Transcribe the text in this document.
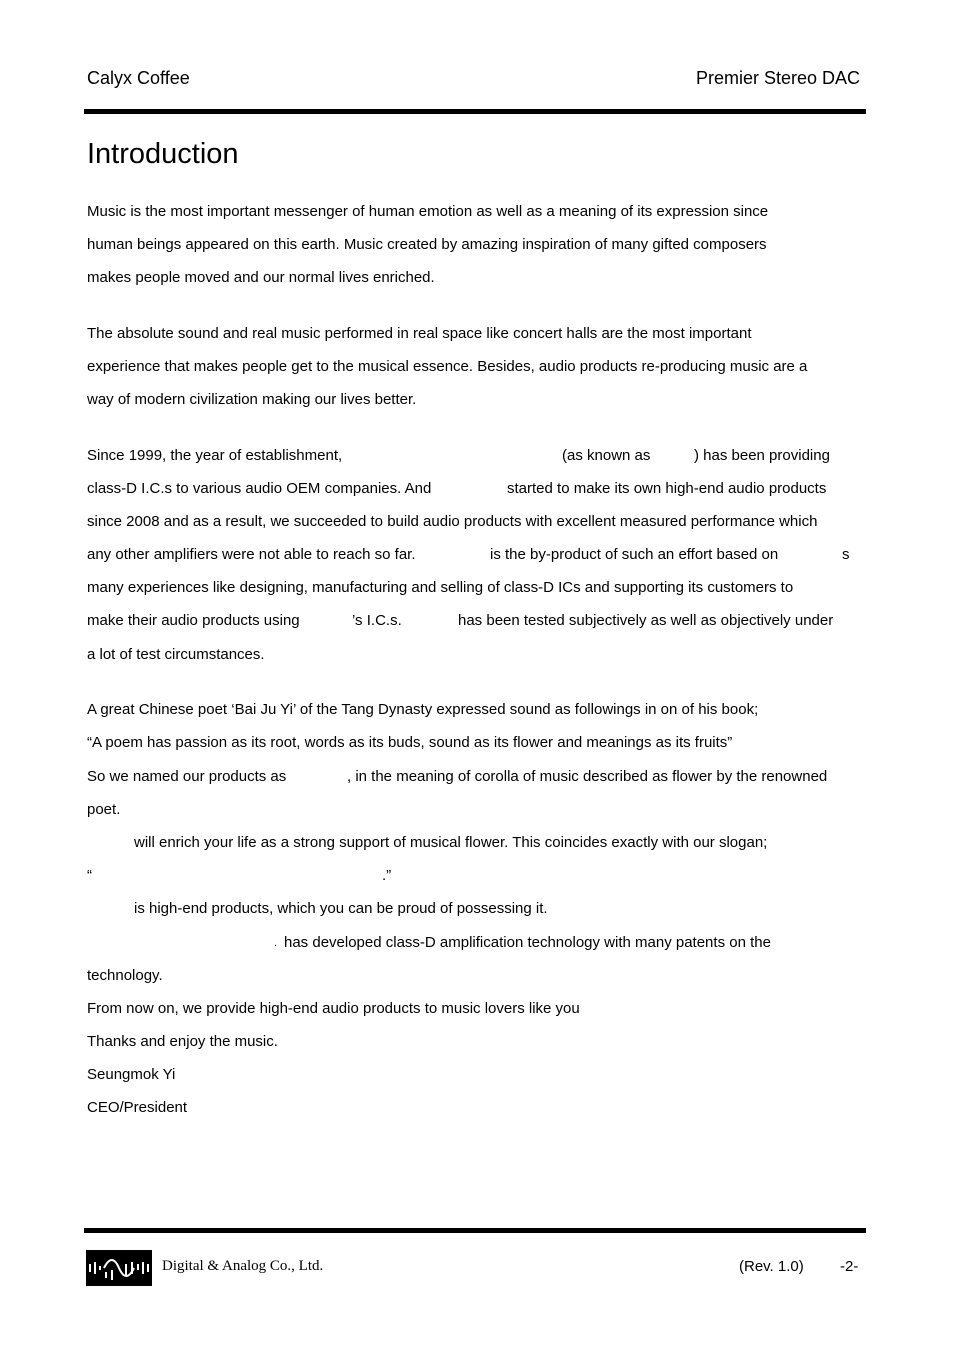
Calyx Coffee	Premier Stereo DAC
Introduction
Music is the most important messenger of human emotion as well as a meaning of its expression since
human beings appeared on this earth. Music created by amazing inspiration of many gifted composers
makes people moved and our normal lives enriched.
The absolute sound and real music performed in real space like concert halls are the most important
experience that makes people get to the musical essence. Besides, audio products re-producing music are a
way of modern civilization making our lives better.
Since 1999, the year of establishment,	(as known as	) has been providing
class-D I.C.s to various audio OEM companies. And	started to make its own high-end audio products
since 2008 and as a result, we succeeded to build audio products with excellent measured performance which
any other amplifiers were not able to reach so far.	is the by-product of such an effort based on	s
many experiences like designing, manufacturing and selling of class-D ICs and supporting its customers to
make their audio products using	’s I.C.s.	has been tested subjectively as well as objectively under
a lot of test circumstances.
A great Chinese poet ‘Bai Ju Yi’ of the Tang Dynasty expressed sound as followings in on of his book;
“A poem has passion as its root, words as its buds, sound as its flower and meanings as its fruits”
So we named our products as	, in the meaning of corolla of music described as flower by the renowned
poet.
will enrich your life as a strong support of musical flower. This coincides exactly with our slogan;
“	.”
is high-end products, which you can be proud of possessing it.
. has developed class-D amplification technology with many patents on the
technology.
From now on, we provide high-end audio products to music lovers like you
Thanks and enjoy the music.
Seungmok Yi
CEO/President
Digital & Analog Co., Ltd.	(Rev. 1.0) -2-
